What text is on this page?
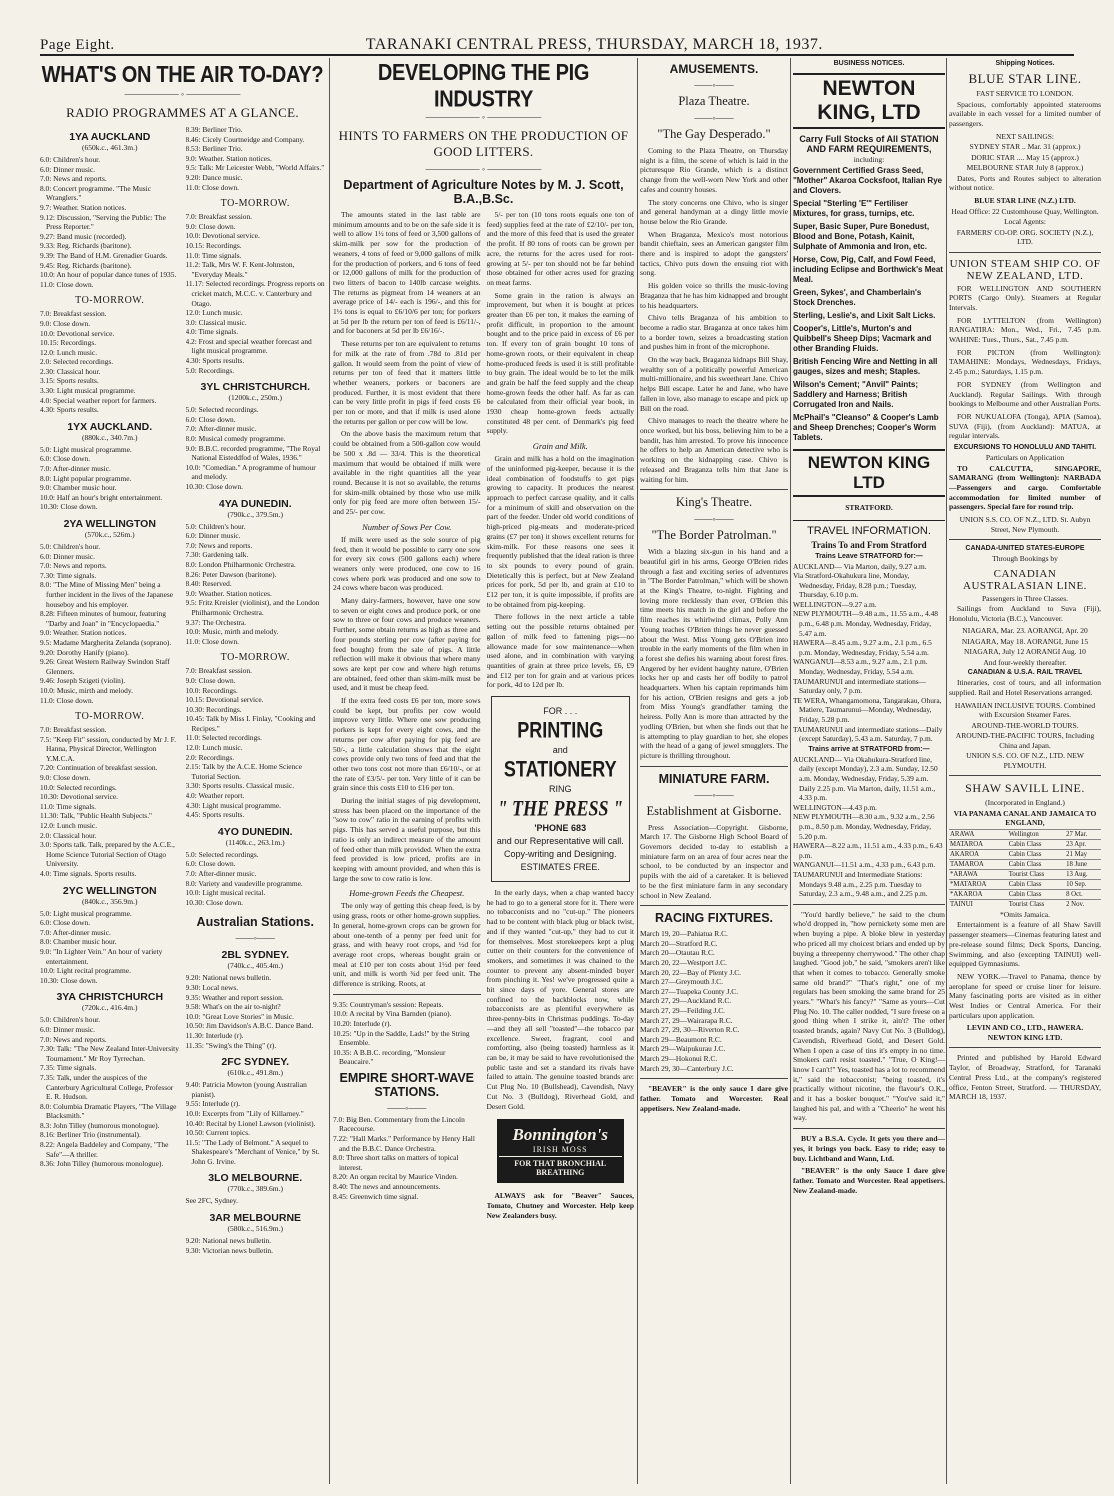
Page Eight.	TARANAKI CENTRAL PRESS, THURSDAY, MARCH 18, 1937.
WHAT'S ON THE AIR TO-DAY?
—————— ◦ ——————
RADIO PROGRAMMES AT A GLANCE.
1YA AUCKLAND
(650k.c., 461.3m.)

6.0: Children's hour.

6.0: Dinner music.

7.0: News and reports.

8.0: Concert programme. "The Music Wranglers."

9.7: Weather. Station notices.

9.12: Discussion, "Serving the Public: The Press Reporter."

9.27: Band music (recorded).

9.33: Reg. Richards (baritone).

9.39: The Band of H.M. Grenadier Guards.

9.45: Reg. Richards (baritone).

10.0: An hour of popular dance tunes of 1935.

11.0: Close down.

TO-MORROW.

7.0: Breakfast session.

9.0: Close down.

10.0: Devotional service.

10.15: Recordings.

12.0: Lunch music.

2.0: Selected recordings.

2.30: Classical hour.

3.15: Sports results.

3.30: Light musical programme.

4.0: Special weather report for farmers.

4.30: Sports results.

1YX AUCKLAND.
(880k.c., 340.7m.)

5.0: Light musical programme.

6.0: Close down.

7.0: After-dinner music.

8.0: Light popular programme.

9.0: Chamber music hour.

10.0: Half an hour's bright entertainment.

10.30: Close down.

2YA WELLINGTON
(570k.c., 526m.)

5.0: Children's hour.

6.0: Dinner music.

7.0: News and reports.

7.30: Time signals.

8.0: "The Mine of Missing Men" being a further incident in the lives of the Japanese houseboy and his employer.

8.28: Fifteen minutes of humour, featuring "Darby and Joan" in "Encyclopaedia."

9.0: Weather. Station notices.

9.5: Madame Margherita Zelanda (soprano).

9.20: Dorothy Hanify (piano).

9.26: Great Western Railway Swindon Staff Glenners.

9.46: Joseph Szigeti (violin).

10.0: Music, mirth and melody.

11.0: Close down.

TO-MORROW.

7.0: Breakfast session.

7.5: "Keep Fit" session, conducted by Mr J. F. Hanna, Physical Director, Wellington Y.M.C.A.

7.20: Continuation of breakfast session.

9.0: Close down.

10.0: Selected recordings.

10.30: Devotional service.

11.0: Time signals.

11.30: Talk, "Public Health Subjects."

12.0: Lunch music.

2.0: Classical hour.

3.0: Sports talk. Talk, prepared by the A.C.E., Home Science Tutorial Section of Otago University.

4.0: Time signals. Sports results.

2YC WELLINGTON
(840k.c., 356.9m.)

5.0: Light musical programme.

6.0: Close down.

7.0: After-dinner music.

8.0: Chamber music hour.

9.0: "In Lighter Vein." An hour of variety entertainment.

10.0: Light recital programme.

10.30: Close down.

3YA CHRISTCHURCH
(720k.c., 416.4m.)

5.0: Children's hour.

6.0: Dinner music.

7.0: News and reports.

7.30: Talk: "The New Zealand Inter-University Tournament." Mr Roy Tyrrechan.

7.35: Time signals.

7.35: Talk, under the auspices of the Canterbury Agricultural College, Professor E. R. Hudson.

8.0: Columbia Dramatic Players, "The Village Blacksmith."

8.3: John Tilley (humorous monologue).

8.16: Berliner Trio (instrumental).

8.22: Angela Baddeley and Company, "The Safe"—A thriller.

8.36: John Tilley (humorous monologue).

8.39: Berliner Trio.

8.46: Cicely Courtneidge and Company.

8.53: Berliner Trio.

9.0: Weather. Station notices.

9.5: Talk: Mr Leicester Webb, "World Affairs."

9.20: Dance music.

11.0: Close down.

TO-MORROW.

7.0: Breakfast session.

9.0: Close down.

10.0: Devotional service.

10.15: Recordings.

11.0: Time signals.

11.2: Talk, Mrs W. F. Kent-Johnston, "Everyday Meals."

11.17: Selected recordings. Progress reports on cricket match, M.C.C. v. Canterbury and Otago.

12.0: Lunch music.

3.0: Classical music.

4.0: Time signals.

4.2: Frost and special weather forecast and light musical programme.

4.30: Sports results.

5.0: Recordings.

3YL CHRISTCHURCH.
(1200k.c., 250m.)

5.0: Selected recordings.

6.0: Close down.

7.0: After-dinner music.

8.0: Musical comedy programme.

9.0: B.B.C. recorded programme, "The Royal National Eisteddfod of Wales, 1936."

10.0: "Comedian." A programme of humour and melody.

10.30: Close down.

4YA DUNEDIN.
(790k.c., 379.5m.)

5.0: Children's hour.

6.0: Dinner music.

7.0: News and reports.

7.30: Gardening talk.

8.0: London Philharmonic Orchestra.

8.26: Peter Dawson (baritone).

8.40: Reserved.

9.0: Weather. Station notices.

9.5: Fritz Kreisler (violinist), and the London Philharmonic Orchestra.

9.37: The Orchestra.

10.0: Music, mirth and melody.

11.0: Close down.

TO-MORROW.

7.0: Breakfast session.

9.0: Close down.

10.0: Recordings.

10.15: Devotional service.

10.30: Recordings.

10.45: Talk by Miss I. Finlay, "Cooking and Recipes."

11.0: Selected recordings.

12.0: Lunch music.

2.0: Recordings.

2.15: Talk by the A.C.E. Home Science Tutorial Section.

3.30: Sports results. Classical music.

4.0: Weather report.

4.30: Light musical programme.

4.45: Sports results.

4YO DUNEDIN.
(1140k.c., 263.1m.)

5.0: Selected recordings.

6.0: Close down.

7.0: After-dinner music.

8.0: Variety and vaudeville programme.

10.0: Light musical recital.

10.30: Close down.

Australian Stations.
——◦——
2BL SYDNEY.
(740k.c., 405.4m.)

9.20: National news bulletin.

9.30: Local news.

9.35: Weather and report session.

9.58: What's on the air to-night?

10.0: "Great Love Stories" in Music.

10.50: Jim Davidson's A.B.C. Dance Band.

11.30: Interlude (r).

11.35: "Swing's the Thing" (r).

2FC SYDNEY.
(610k.c., 491.8m.)

9.40: Patricia Mowton (young Australian pianist).

9.55: Interlude (r).

10.0: Excerpts from "Lily of Killarney."

10.40: Recital by Lionel Lawson (violinist).

10.50: Current topics.

11.5: "The Lady of Belmont." A sequel to Shakespeare's "Merchant of Venice," by St. John G. Irvine.

3LO MELBOURNE.
(770k.c., 389.6m.)

See 2FC, Sydney.

3AR MELBOURNE
(580k.c., 516.9m.)

9.20: National news bulletin.

9.30: Victorian news bulletin.

DEVELOPING THE PIG INDUSTRY
—————— ◦ ——————
HINTS TO FARMERS ON THE PRODUCTION OF GOOD LITTERS.
—————— ◦ ——————
Department of Agriculture Notes by M. J. Scott, B.A.,B.Sc.

The amounts stated in the last table are minimum amounts and to be on the safe side it is well to allow 1½ tons of feed or 3,500 gallons of skim-milk per sow for the production of weaners, 4 tons of feed or 9,000 gallons of milk for the production of porkers, and 6 tons of feed or 12,000 gallons of milk for the production of two litters of bacon to 140lb carcase weights. The returns as pigmeat from 14 weaners at an average price of 14/- each is 196/-, and this for 1½ tons is equal to £6/10/6 per ton; for porkers at 5d per lb the return per ton of feed is £6/11/-, and for baconers at 5d per lb £6/16/-.

These returns per ton are equivalent to returns for milk at the rate of from .78d to .81d per gallon. It would seem from the point of view of returns per ton of feed that it matters little whether weaners, porkers or baconers are produced. Further, it is most evident that there can be very little profit in pigs if feed costs £6 per ton or more, and that if milk is used alone the returns per gallon or per cow will be low.

On the above basis the maximum return that could be obtained from a 500-gallon cow would be 500 x .8d — 33/4. This is the theoretical maximum that would be obtained if milk were available in the right quantities all the year round. Because it is not so available, the returns for skim-milk obtained by those who use milk only for pig feed are more often between 15/- and 25/- per cow.

Number of Sows Per Cow.

If milk were used as the sole source of pig feed, then it would be possible to carry one sow for every six cows (500 gallons each) where weaners only were produced, one cow to 16 cows where pork was produced and one sow to 24 cows where bacon was produced.

Many dairy-farmers, however, have one sow to seven or eight cows and produce pork, or one sow to three or four cows and produce weaners. Further, some obtain returns as high as three and four pounds sterling per cow (after paying for feed bought) from the sale of pigs. A little reflection will make it obvious that where many sows are kept per cow and where high returns are obtained, feed other than skim-milk must be used, and it must be cheap feed.

If the extra feed costs £6 per ton, more sows could be kept, but profits per cow would improve very little. Where one sow producing porkers is kept for every eight cows, and the returns per cow after paying for pig feed are 50/-, a little calculation shows that the eight cows provide only two tons of feed and that the other two tons cost not more than £6/10/-, or at the rate of £3/5/- per ton. Very little of it can be grain since this costs £10 to £16 per ton.

During the initial stages of pig development, stress has been placed on the importance of the "sow to cow" ratio in the earning of profits with pigs. This has served a useful purpose, but this ratio is only an indirect measure of the amount of feed other than milk provided. When the extra feed provided is low priced, profits are in keeping with amount provided, and when this is large the sow to cow ratio is low.

Home-grown Feeds the Cheapest.

The only way of getting this cheap feed, is by using grass, roots or other home-grown supplies. In general, home-grown crops can be grown for about one-tenth of a penny per feed unit for grass, and with heavy root crops, and ½d for average root crops, whereas bought grain or meal at £10 per ton costs about 1½d per feed unit, and milk is worth ¾d per feed unit. The difference is striking. Roots, at

9.35: Countryman's session: Repeats.

10.0: A recital by Vina Barnden (piano).

10.20: Interlude (r).

10.25: "Up in the Saddle, Lads!" by the String Ensemble.

10.35: A B.B.C. recording, "Monsieur Beaucaire."

EMPIRE SHORT-WAVE STATIONS.
——◦——

7.0: Big Ben. Commentary from the Lincoln Racecourse.

7.22: "Hall Marks." Performance by Henry Hall and the B.B.C. Dance Orchestra.

8.0: Three short talks on matters of topical interest.

8.20: An organ recital by Maurice Vinden.

8.40: The news and announcements.

8.45: Greenwich time signal.

5/- per ton (10 tons roots equals one ton of feed) supplies feed at the rate of £2/10/- per ton, and the more of this feed that is used the greater the profit. If 80 tons of roots can be grown per acre, the returns for the acres used for root-growing at 5/- per ton should not be far behind those obtained for other acres used for grazing on meat farms.

Some grain in the ration is always an improvement, but when it is bought at prices greater than £6 per ton, it makes the earning of profit difficult, in proportion to the amount bought and to the price paid in excess of £6 per ton. If every ton of grain bought 10 tons of home-grown roots, or their equivalent in cheap home-produced feeds is used it is still profitable to buy grain. The ideal would be to let the milk and grain be half the feed supply and the cheap home-grown feeds the other half. As far as can be calculated from their official year book, in 1930 cheap home-grown feeds actually constituted 48 per cent. of Denmark's pig feed supply.

Grain and Milk.

Grain and milk has a hold on the imagination of the uninformed pig-keeper, because it is the ideal combination of foodstuffs to get pigs growing to capacity. It produces the nearest approach to perfect carcase quality, and it calls for a minimum of skill and observation on the part of the feeder. Under old world conditions of high-priced pig-meats and moderate-priced grains (£7 per ton) it shows excellent returns for skim-milk. For these reasons one sees it frequently published that the ideal ration is three to six pounds to every pound of grain. Dietetically this is perfect, but at New Zealand prices for pork, 5d per lb, and grain at £10 to £12 per ton, it is quite impossible, if profits are to be obtained from pig-keeping.

There follows in the next article a table setting out the possible returns obtained per gallon of milk feed to fattening pigs—no allowance made for sow maintenance—when used alone, and in combination with varying quantities of grain at three price levels, £6, £9 and £12 per ton for grain and at various prices for pork, 4d to 12d per lb.

FOR . . .
PRINTING
and
STATIONERY
RING
" THE PRESS "
'PHONE 683
and our Representative will call.
Copy-writing and Designing.
ESTIMATES FREE.

In the early days, when a chap wanted baccy he had to go to a general store for it. There were no tobacconists and no "cut-up." The pioneers had to be content with black plug or black twist, and if they wanted "cut-up," they had to cut it for themselves. Most storekeepers kept a plug cutter on their counters for the convenience of smokers, and sometimes it was chained to the counter to prevent any absent-minded buyer from pinching it. Yes! we've progressed quite a bit since days of yore. General stores are confined to the backblocks now, while tobacconists are as plentiful everywhere as three-penny-bits in Christmas puddings. To-day—and they all sell "toasted"—the tobacco par excellence. Sweet, fragrant, cool and comforting, also (being toasted) harmless as it can be, it may be said to have revolutionised the public taste and set a standard its rivals have failed to attain. The genuine toasted brands are: Cut Plug No. 10 (Bullshead), Cavendish, Navy Cut No. 3 (Bulldog), Riverhead Gold, and Desert Gold.

Bonnington's
IRISH MOSS
FOR THAT BRONCHIAL BREATHING

ALWAYS ask for "Beaver" Sauces, Tomato, Chutney and Worcester. Help keep New Zealanders busy.

AMUSEMENTS.
——◦——
Plaza Theatre.
——◦——
"The Gay Desperado."

Coming to the Plaza Theatre, on Thursday night is a film, the scene of which is laid in the picturesque Rio Grande, which is a distinct change from the well-worn New York and other cafes and country houses.

The story concerns one Chivo, who is singer and general handyman at a dingy little movie house below the Rio Grande.

When Braganza, Mexico's most notorious bandit chieftain, sees an American gangster film there and is inspired to adopt the gangsters' tactics, Chivo puts down the ensuing riot with song.

His golden voice so thrills the music-loving Braganza that he has him kidnapped and brought to his headquarters.

Chivo tells Braganza of his ambition to become a radio star. Braganza at once takes him to a border town, seizes a broadcasting station and pushes him in front of the microphone.

On the way back, Braganza kidnaps Bill Shay, wealthy son of a politically powerful American multi-millionaire, and his sweetheart Jane. Chivo helps Bill escape. Later he and Jane, who have fallen in love, also manage to escape and pick up Bill on the road.

Chivo manages to reach the theatre where he once worked, but his boss, believing him to be a bandit, has him arrested. To prove his innocence he offers to help an American detective who is working on the kidnapping case. Chivo is released and Braganza tells him that Jane is waiting for him.

King's Theatre.
——◦——
"The Border Patrolman."

With a blazing six-gun in his hand and a beautiful girl in his arms, George O'Brien rides through a fast and exciting series of adventures in "The Border Patrolman," which will be shown at the King's Theatre, to-night. Fighting and loving more recklessly than ever, O'Brien this time meets his match in the girl and before the film reaches its whirlwind climax, Polly Ann Young teaches O'Brien things he never guessed about the West. Miss Young gets O'Brien into trouble in the early moments of the film when in a forest she defies his warning about forest fires. Angered by her evident haughty nature, O'Brien locks her up and casts her off bodily to patrol headquarters. When his captain reprimands him for his action, O'Brien resigns and gets a job from Miss Young's grandfather taming the heiress. Polly Ann is more than attracted by the yodling O'Brien, but when she finds out that he is attempting to play guardian to her, she elopes with the head of a gang of jewel smugglers. The picture is thrilling throughout.

MINIATURE FARM.
——◦——
Establishment at Gisborne.

Press Association—Copyright. Gisborne, March 17. The Gisborne High School Board of Governors decided to-day to establish a miniature farm on an area of four acres near the school, to be conducted by an inspector and pupils with the aid of a caretaker. It is believed to be the first miniature farm in any secondary school in New Zealand.

RACING FIXTURES.

March 19, 20—Pahiatua R.C.

March 20—Stratford R.C.

March 20—Otautau R.C.

March 20, 22—Westport J.C.

March 20, 22—Bay of Plenty J.C.

March 27—Greymouth J.C.

March 27—Tuapeka County J.C.

March 27, 29—Auckland R.C.

March 27, 29—Feilding J.C.

March 27, 29—Wairarapa R.C.

March 27, 29, 30—Riverton R.C.

March 29—Beaumont R.C.

March 29—Waipukurau J.C.

March 29—Hokonui R.C.

March 29, 30—Canterbury J.C.

"BEAVER" is the only sauce I dare give father. Tomato and Worcester. Real appetisers. New Zealand-made.

BUSINESS NOTICES.
NEWTON KING, LTD
Carry Full Stocks of All STATION AND FARM REQUIREMENTS,
including:

Government Certified Grass Seed, "Mother" Akaroa Cocksfoot, Italian Rye and Clovers.

Special "Sterling 'E'" Fertiliser Mixtures, for grass, turnips, etc.

Super, Basic Super, Pure Bonedust, Blood and Bone, Potash, Kainit, Sulphate of Ammonia and Iron, etc.

Horse, Cow, Pig, Calf, and Fowl Feed, including Eclipse and Borthwick's Meat Meal.

Green, Sykes', and Chamberlain's Stock Drenches.

Sterling, Leslie's, and Lixit Salt Licks.

Cooper's, Little's, Murton's and Quibbell's Sheep Dips; Vacmark and other Branding Fluids.

British Fencing Wire and Netting in all gauges, sizes and mesh; Staples.

Wilson's Cement; "Anvil" Paints; Saddlery and Harness; British Corrugated Iron and Nails.

McPhail's "Cleanso" & Cooper's Lamb and Sheep Drenches; Cooper's Worm Tablets.

NEWTON KING LTD
STRATFORD.
TRAVEL INFORMATION.
Trains To and From Stratford
Trains Leave STRATFORD for:—

AUCKLAND— Via Marton, daily, 9.27 a.m.

Via Stratford-Okahukura line, Monday, Wednesday, Friday, 8.28 p.m.; Tuesday, Thursday, 6.10 p.m.

WELLINGTON—9.27 a.m.

NEW PLYMOUTH—9.48 a.m., 11.55 a.m., 4.48 p.m., 6.48 p.m. Monday, Wednesday, Friday, 5.47 a.m.

HAWERA—8.45 a.m., 9.27 a.m., 2.1 p.m., 6.5 p.m. Monday, Wednesday, Friday, 5.54 a.m.

WANGANUI—8.53 a.m., 9.27 a.m., 2.1 p.m. Monday, Wednesday, Friday, 5.54 a.m.

TAUMARUNUI and intermediate stations—Saturday only, 7 p.m.

TE WERA, Whangamomona, Tangarakau, Ohura, Matiere, Taumarunui—Monday, Wednesday, Friday, 5.28 p.m.

TAUMARUNUI and intermediate stations—Daily (except Saturday), 5.43 a.m. Saturday, 7 p.m.

Trains arrive at STRATFORD from:—

AUCKLAND— Via Okahukura-Stratford line, daily (except Monday), 2.3 a.m. Sunday, 12.50 a.m. Monday, Wednesday, Friday, 5.39 a.m. Daily 2.25 p.m. Via Marton, daily, 11.51 a.m., 4.33 p.m.

WELLINGTON—4.43 p.m.

NEW PLYMOUTH—8.30 a.m., 9.32 a.m., 2.56 p.m., 8.50 p.m. Monday, Wednesday, Friday, 5.20 p.m.

HAWERA—8.22 a.m., 11.51 a.m., 4.33 p.m., 6.43 p.m.

WANGANUI—11.51 a.m., 4.33 p.m., 6.43 p.m.

TAUMARUNUI and Intermediate Stations: Mondays 9.48 a.m., 2.25 p.m. Tuesday to Saturday, 2.3 a.m., 9.48 a.m., and 2.25 p.m.

"You'd hardly believe," he said to the chum who'd dropped in, "how pernickety some men are when buying a pipe. A bloke blew in yesterday who priced all my choicest briars and ended up by buying a threepenny cherrywood." The other chap laughed. "Good job," he said, "smokers aren't like that when it comes to tobacco. Generally smoke same old brand?" "That's right," one of my regulars has been smoking the same brand for 25 years." "What's his fancy?" "Same as yours—Cut Plug No. 10. The caller nodded, "I sure freese on a good thing when I strike it, ain't? The other toasted brands, again? Navy Cut No. 3 (Bulldog), Cavendish, Riverhead Gold, and Desert Gold. When I open a case of tins it's empty in no time. Smokers can't resist toasted." "True, O King!—know I can't!" Yes, toasted has a lot to recommend it," said the tobacconist; "being toasted, it's practically without nicotine, the flavour's O.K., and it has a bosker bouquet." "You've said it," laughed his pal, and with a "Cheerio" he went his way.

BUY a B.S.A. Cycle. It gets you there and—yes, it brings you back. Easy to ride; easy to buy. Lichtband and Wann, Ltd.

"BEAVER" is the only Sauce I dare give father. Tomato and Worcester. Real appetisers. New Zealand-made.

Shipping Notices.
BLUE STAR LINE.
FAST SERVICE TO LONDON.

Spacious, comfortably appointed staterooms available in each vessel for a limited number of passengers.

NEXT SAILINGS:

SYDNEY STAR .. Mar. 31 (approx.)

DORIC STAR .... May 15 (approx.)

MELBOURNE STAR July 8 (approx.)

Dates, Ports and Routes subject to alteration without notice.

BLUE STAR LINE (N.Z.) LTD.
Head Office: 22 Customhouse Quay, Wellington.
Local Agents:
FARMERS' CO-OP. ORG. SOCIETY (N.Z.), LTD.
UNION STEAM SHIP CO. OF NEW ZEALAND, LTD.

FOR WELLINGTON AND SOUTHERN PORTS (Cargo Only). Steamers at Regular Intervals.

FOR LYTTELTON (from Wellington) RANGATIRA: Mon., Wed., Fri., 7.45 p.m. WAHINE: Tues., Thurs., Sat., 7.45 p.m.

FOR PICTON (from Wellington): TAMAHINE: Mondays, Wednesdays, Fridays, 2.45 p.m.; Saturdays, 1.15 p.m.

FOR SYDNEY (from Wellington and Auckland). Regular Sailings. With through bookings to Melbourne and other Australian Ports.

FOR NUKUALOFA (Tonga), APIA (Samoa), SUVA (Fiji), (from Auckland): MATUA, at regular intervals.

EXCURSIONS TO HONOLULU AND TAHITI.
Particulars on Application

TO CALCUTTA, SINGAPORE, SAMARANG (from Wellington): NARBADA—Passengers and cargo. Comfortable accommodation for limited number of passengers. Special fare for round trip.

UNION S.S. CO. OF N.Z., LTD. St. Aubyn Street, New Plymouth.
CANADA-UNITED STATES-EUROPE
Through Bookings by
CANADIAN AUSTRALASIAN LINE.
Passengers in Three Classes.

Sailings from Auckland to Suva (Fiji), Honolulu, Victoria (B.C.), Vancouver.

NIAGARA, Mar. 23. AORANGI, Apr. 20

NIAGARA, May 18. AORANGI, June 15

NIAGARA, July 12 AORANGI Aug. 10

And four-weekly thereafter.
CANADIAN & U.S.A. RAIL TRAVEL

Itineraries, cost of tours, and all information supplied. Rail and Hotel Reservations arranged.

HAWAIIAN INCLUSIVE TOURS. Combined with Excursion Steamer Fares.
AROUND-THE-WORLD TOURS.
AROUND-THE-PACIFIC TOURS, Including China and Japan.
UNION S.S. CO. OF N.Z., LTD. NEW PLYMOUTH.
SHAW SAVILL LINE.
(Incorporated in England.)
VIA PANAMA CANAL AND JAMAICA TO ENGLAND,
ARAWA	Wellington	27 Mar.
MATAROA	Cabin Class	23 Apr.
AKAROA	Cabin Class	21 May
TAMAROA	Cabin Class	18 June
*ARAWA	Tourist Class	13 Aug.
*MATAROA	Cabin Class	10 Sep.
*AKAROA	Cabin Class	8 Oct.
TAINUI	Tourist Class	2 Nov.
*Omits Jamaica.

Entertainment is a feature of all Shaw Savill passenger steamers—Cinemas featuring latest and pre-release sound films; Deck Sports, Dancing, Swimming, and also (excepting TAINUI) well-equipped Gymnasiums.

NEW YORK.—Travel to Panama, thence by aeroplane for speed or cruise liner for leisure. Many fascinating ports are visited as in either West Indies or Central America. For their particulars upon application.

LEVIN AND CO., LTD., HAWERA. NEWTON KING LTD.

Printed and published by Harold Edward Taylor, of Broadway, Stratford, for Taranaki Central Press Ltd., at the company's registered office, Fenton Street, Stratford. — THURSDAY, MARCH 18, 1937.
